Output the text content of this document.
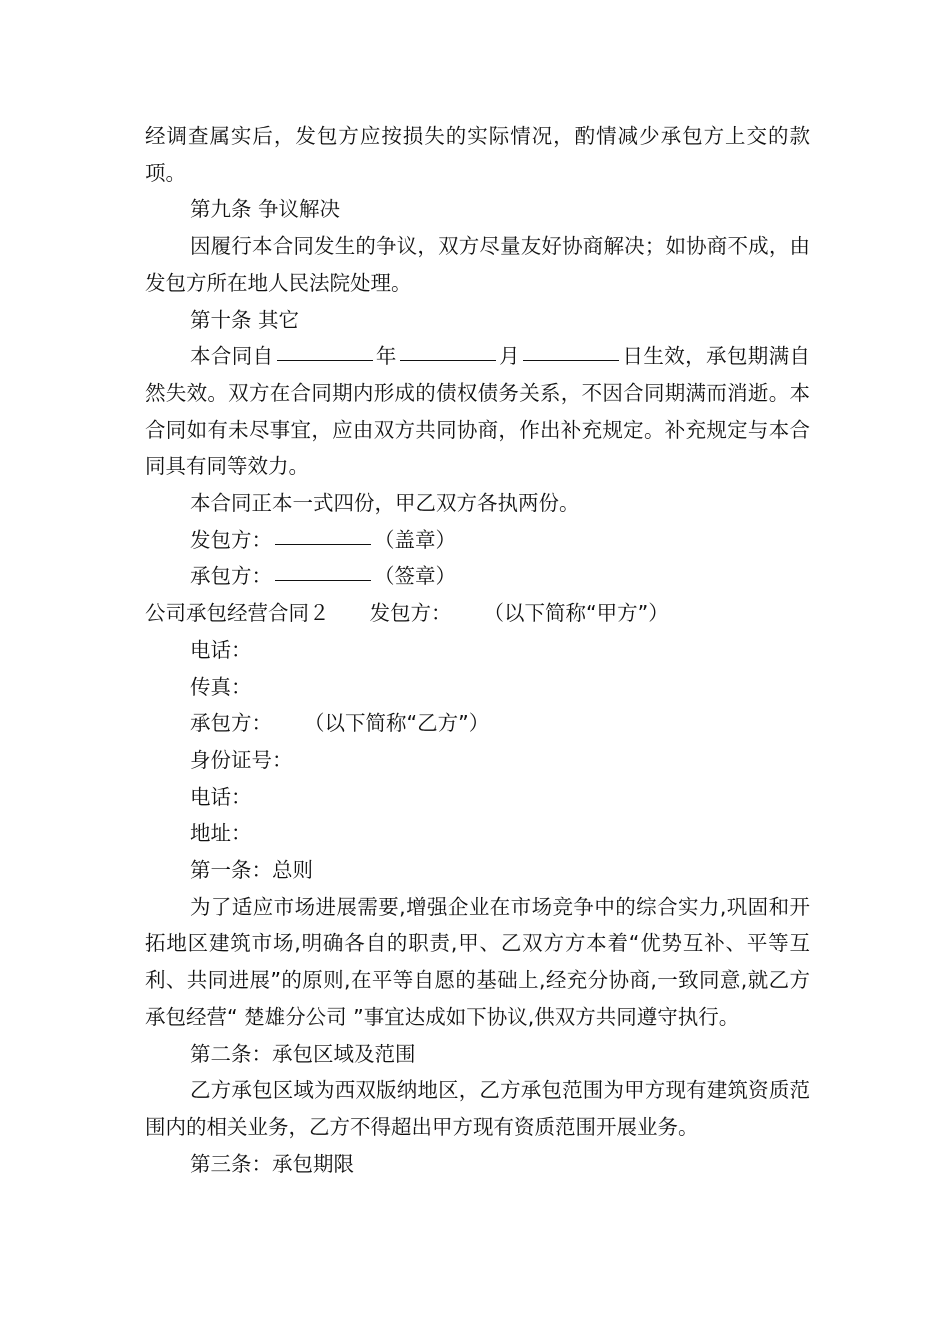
经调查属实后，发包方应按损失的实际情况，酌情减少承包方上交的款项。

第九条 争议解决

因履行本合同发生的争议，双方尽量友好协商解决；如协商不成，由发包方所在地人民法院处理。

第十条 其它

本合同自	年	月	日生效，承包期满自然失效。双方在合同期内形成的债权债务关系，不因合同期满而消逝。本合同如有未尽事宜，应由双方共同协商，作出补充规定。补充规定与本合同具有同等效力。

本合同正本一式四份，甲乙双方各执两份。

发包方：	（盖章）

承包方：	（签章）

公司承包经营合同２ 发包方： （以下简称“甲方”）

电话：

传真：

承包方： （以下简称“乙方”）

身份证号：

电话：

地址：

第一条：总则

为了适应市场进展需要,增强企业在市场竞争中的综合实力,巩固和开拓地区建筑市场,明确各自的职责,甲、乙双方方本着“优势互补、平等互利、共同进展”的原则,在平等自愿的基础上,经充分协商,一致同意,就乙方承包经营“ 楚雄分公司 ”事宜达成如下协议,供双方共同遵守执行。

第二条：承包区域及范围

乙方承包区域为西双版纳地区，乙方承包范围为甲方现有建筑资质范围内的相关业务，乙方不得超出甲方现有资质范围开展业务。

第三条：承包期限
